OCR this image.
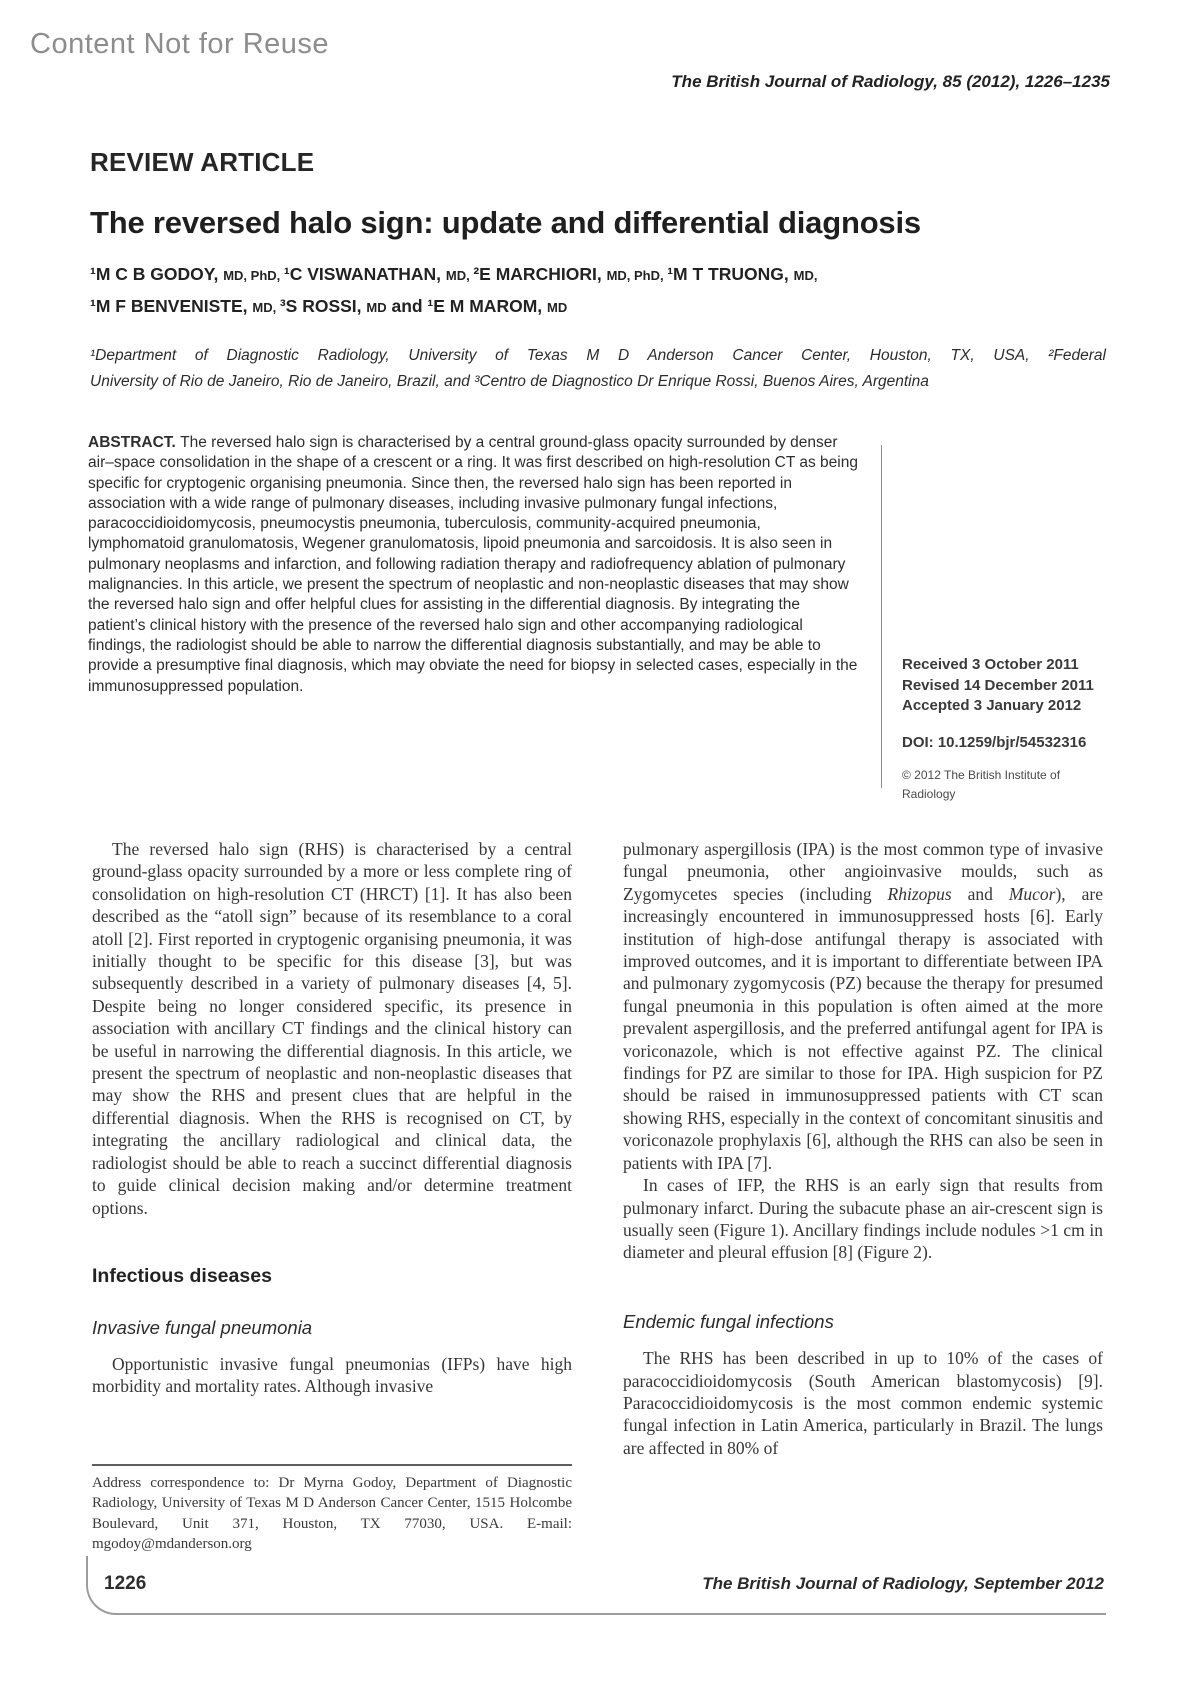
Content Not for Reuse
The British Journal of Radiology, 85 (2012), 1226–1235
REVIEW ARTICLE
The reversed halo sign: update and differential diagnosis
¹M C B GODOY, MD, PhD, ¹C VISWANATHAN, MD, ²E MARCHIORI, MD, PhD, ¹M T TRUONG, MD,
¹M F BENVENISTE, MD, ³S ROSSI, MD and ¹E M MAROM, MD
¹Department of Diagnostic Radiology, University of Texas M D Anderson Cancer Center, Houston, TX, USA, ²Federal
University of Rio de Janeiro, Rio de Janeiro, Brazil, and ³Centro de Diagnostico Dr Enrique Rossi, Buenos Aires, Argentina
ABSTRACT. The reversed halo sign is characterised by a central ground-glass opacity surrounded by denser air–space consolidation in the shape of a crescent or a ring. It was first described on high-resolution CT as being specific for cryptogenic organising pneumonia. Since then, the reversed halo sign has been reported in association with a wide range of pulmonary diseases, including invasive pulmonary fungal infections, paracoccidioidomycosis, pneumocystis pneumonia, tuberculosis, community-acquired pneumonia, lymphomatoid granulomatosis, Wegener granulomatosis, lipoid pneumonia and sarcoidosis. It is also seen in pulmonary neoplasms and infarction, and following radiation therapy and radiofrequency ablation of pulmonary malignancies. In this article, we present the spectrum of neoplastic and non-neoplastic diseases that may show the reversed halo sign and offer helpful clues for assisting in the differential diagnosis. By integrating the patient’s clinical history with the presence of the reversed halo sign and other accompanying radiological findings, the radiologist should be able to narrow the differential diagnosis substantially, and may be able to provide a presumptive final diagnosis, which may obviate the need for biopsy in selected cases, especially in the immunosuppressed population.
Received 3 October 2011
Revised 14 December 2011
Accepted 3 January 2012
DOI: 10.1259/bjr/54532316
© 2012 The British Institute of Radiology

The reversed halo sign (RHS) is characterised by a central ground-glass opacity surrounded by a more or less complete ring of consolidation on high-resolution CT (HRCT) [1]. It has also been described as the “atoll sign” because of its resemblance to a coral atoll [2]. First reported in cryptogenic organising pneumonia, it was initially thought to be specific for this disease [3], but was subsequently described in a variety of pulmonary diseases [4, 5]. Despite being no longer considered specific, its presence in association with ancillary CT findings and the clinical history can be useful in narrowing the differential diagnosis. In this article, we present the spectrum of neoplastic and non-neoplastic diseases that may show the RHS and present clues that are helpful in the differential diagnosis. When the RHS is recognised on CT, by integrating the ancillary radiological and clinical data, the radiologist should be able to reach a succinct differential diagnosis to guide clinical decision making and/or determine treatment options.

Infectious diseases
Invasive fungal pneumonia

Opportunistic invasive fungal pneumonias (IFPs) have high morbidity and mortality rates. Although invasive

pulmonary aspergillosis (IPA) is the most common type of invasive fungal pneumonia, other angioinvasive moulds, such as Zygomycetes species (including Rhizopus and Mucor), are increasingly encountered in immunosuppressed hosts [6]. Early institution of high-dose antifungal therapy is associated with improved outcomes, and it is important to differentiate between IPA and pulmonary zygomycosis (PZ) because the therapy for presumed fungal pneumonia in this population is often aimed at the more prevalent aspergillosis, and the preferred antifungal agent for IPA is voriconazole, which is not effective against PZ. The clinical findings for PZ are similar to those for IPA. High suspicion for PZ should be raised in immunosuppressed patients with CT scan showing RHS, especially in the context of concomitant sinusitis and voriconazole prophylaxis [6], although the RHS can also be seen in patients with IPA [7].

In cases of IFP, the RHS is an early sign that results from pulmonary infarct. During the subacute phase an air-crescent sign is usually seen (Figure 1). Ancillary findings include nodules >1 cm in diameter and pleural effusion [8] (Figure 2).

Endemic fungal infections

The RHS has been described in up to 10% of the cases of paracoccidioidomycosis (South American blastomycosis) [9]. Paracoccidioidomycosis is the most common endemic systemic fungal infection in Latin America, particularly in Brazil. The lungs are affected in 80% of

Address correspondence to: Dr Myrna Godoy, Department of Diagnostic Radiology, University of Texas M D Anderson Cancer Center, 1515 Holcombe Boulevard, Unit 371, Houston, TX 77030, USA. E-mail: mgodoy@mdanderson.org
1226	The British Journal of Radiology, September 2012
